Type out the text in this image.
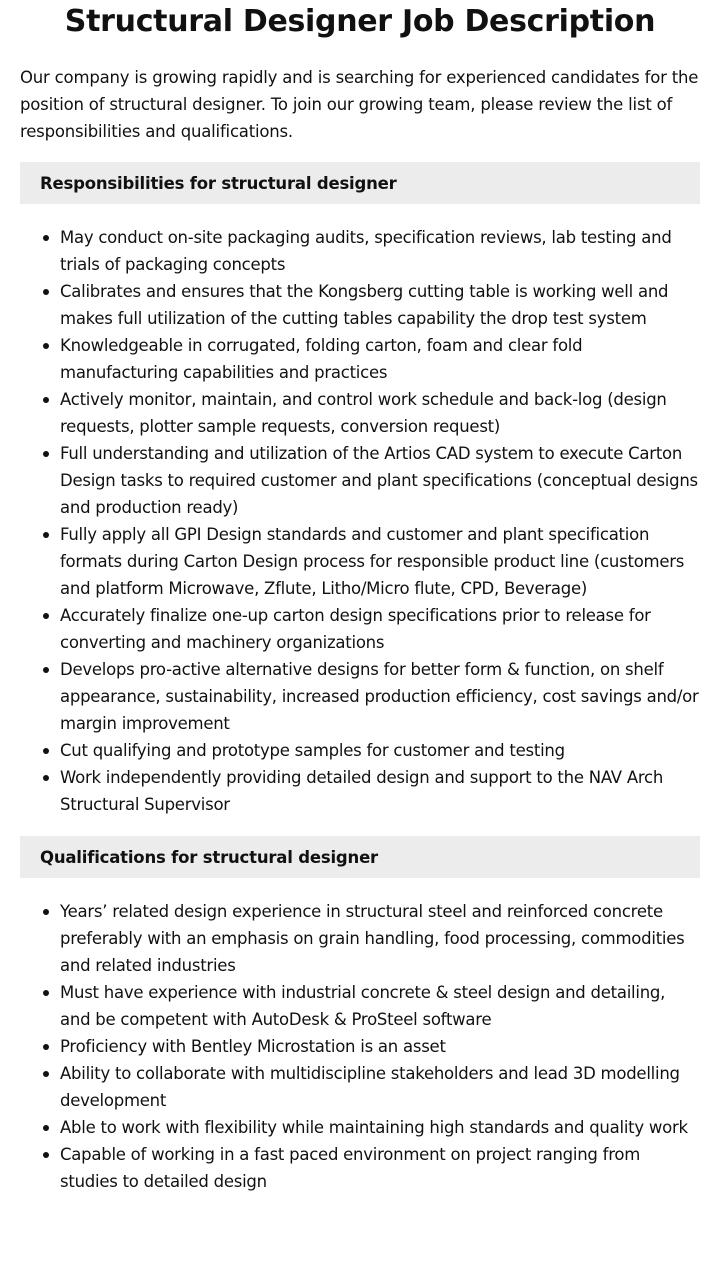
Structural Designer Job Description

Our company is growing rapidly and is searching for experienced candidates for the position of structural designer. To join our growing team, please review the list of responsibilities and qualifications.

Responsibilities for structural designer
May conduct on-site packaging audits, specification reviews, lab testing and trials of packaging concepts
Calibrates and ensures that the Kongsberg cutting table is working well and makes full utilization of the cutting tables capability the drop test system
Knowledgeable in corrugated, folding carton, foam and clear fold manufacturing capabilities and practices
Actively monitor, maintain, and control work schedule and back-log (design requests, plotter sample requests, conversion request)
Full understanding and utilization of the Artios CAD system to execute Carton Design tasks to required customer and plant specifications (conceptual designs and production ready)
Fully apply all GPI Design standards and customer and plant specification formats during Carton Design process for responsible product line (customers and platform Microwave, Zflute, Litho/Micro flute, CPD, Beverage)
Accurately finalize one-up carton design specifications prior to release for converting and machinery organizations
Develops pro-active alternative designs for better form & function, on shelf appearance, sustainability, increased production efficiency, cost savings and/or margin improvement
Cut qualifying and prototype samples for customer and testing
Work independently providing detailed design and support to the NAV Arch Structural Supervisor
Qualifications for structural designer
Years’ related design experience in structural steel and reinforced concrete preferably with an emphasis on grain handling, food processing, commodities and related industries
Must have experience with industrial concrete & steel design and detailing, and be competent with AutoDesk & ProSteel software
Proficiency with Bentley Microstation is an asset
Ability to collaborate with multidiscipline stakeholders and lead 3D modelling development
Able to work with flexibility while maintaining high standards and quality work
Capable of working in a fast paced environment on project ranging from studies to detailed design
